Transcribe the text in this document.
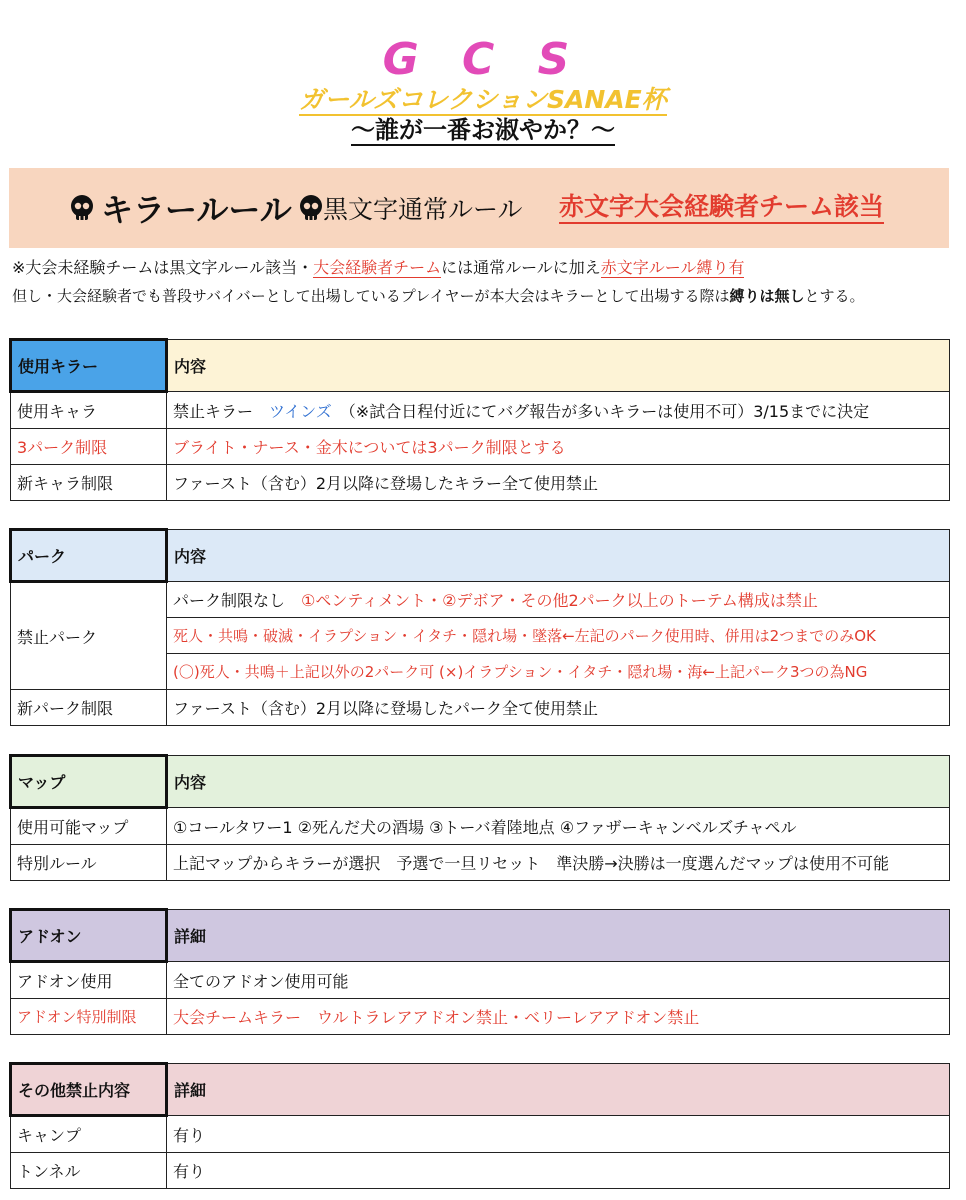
G C S
ガールズコレクションSANAE杯
〜誰が一番お淑やか？〜
キラールール 黒文字通常ルール 赤文字大会経験者チーム該当
※大会未経験チームは黒文字ルール該当・大会経験者チームには通常ルールに加え赤文字ルール縛り有
但し・大会経験者でも普段サバイバーとして出場しているプレイヤーが本大会はキラーとして出場する際は縛りは無しとする。
使用キラー	内容
使用キャラ	禁止キラー　 ツインズ　 （※試合日程付近にてバグ報告が多いキラーは使用不可）3/15までに決定
3パーク制限	ブライト・ナース・金木については3パーク制限とする
新キャラ制限	ファースト（含む）2月以降に登場したキラー全て使用禁止
パーク	内容
禁止パーク	パーク制限なし　 ①ペンティメント・②デボア・その他2パーク以上のトーテム構成は禁止
	死人・共鳴・破滅・イラプション・イタチ・隠れ場・墜落←左記のパーク使用時、併用は2つまでのみOK
	(〇)死人・共鳴＋上記以外の2パーク可 (×)イラプション・イタチ・隠れ場・海←上記パーク3つの為NG
新パーク制限	ファースト（含む）2月以降に登場したパーク全て使用禁止
マップ	内容
使用可能マップ	①コールタワー1 ②死んだ犬の酒場 ③トーバ着陸地点 ④ファザーキャンベルズチャペル
特別ルール	上記マップからキラーが選択　予選で一旦リセット　準決勝→決勝は一度選んだマップは使用不可能
アドオン	詳細
アドオン使用	全てのアドオン使用可能
アドオン特別制限	大会チームキラー　ウルトラレアアドオン禁止・ベリーレアアドオン禁止
その他禁止内容	詳細
キャンプ	有り
トンネル	有り
